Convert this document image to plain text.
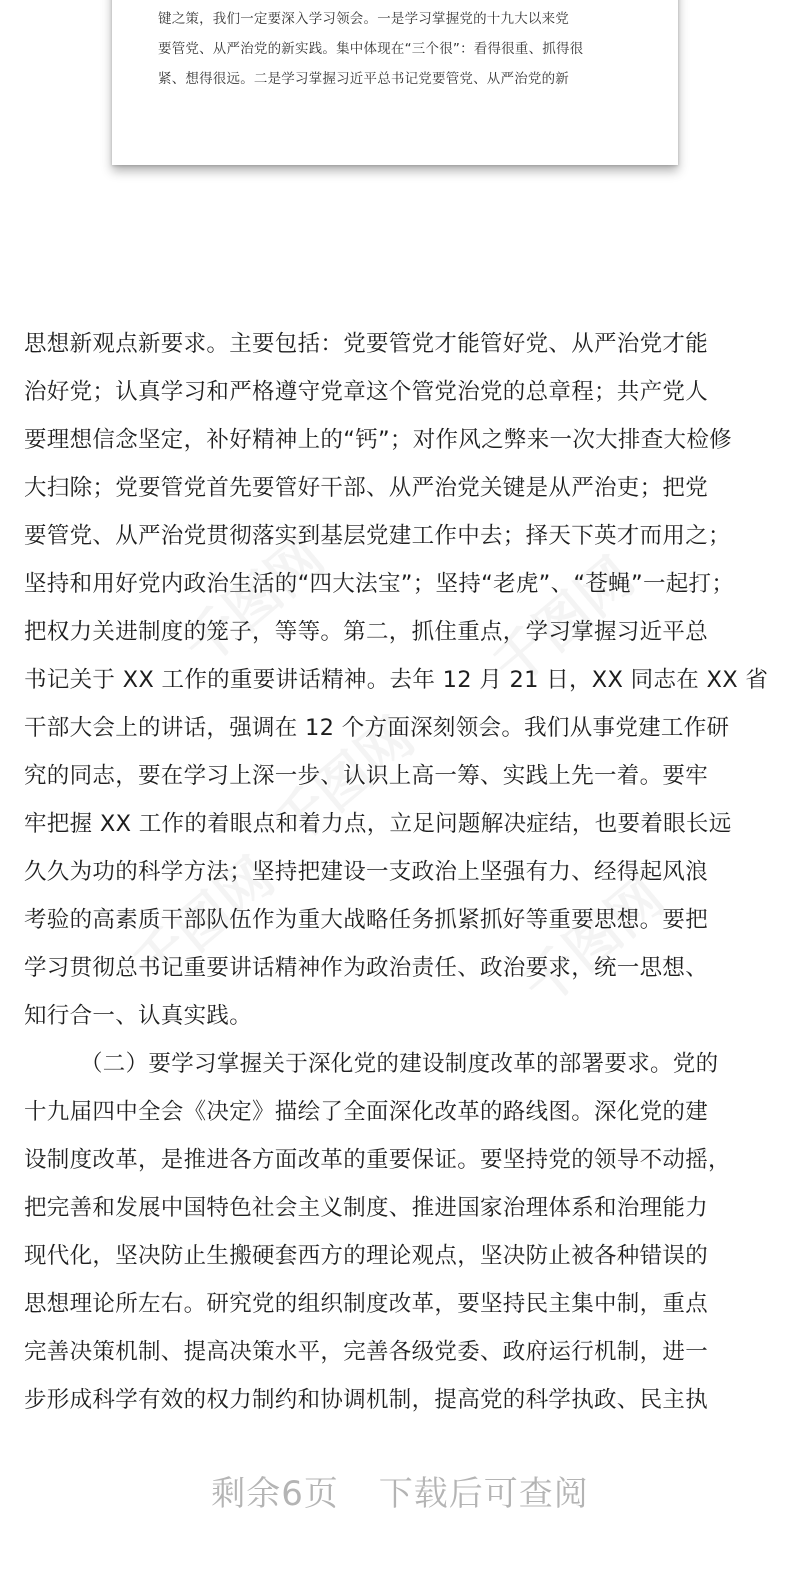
键之策，我们一定要深入学习领会。一是学习掌握党的十九大以来党
要管党、从严治党的新实践。集中体现在“三个很”：看得很重、抓得很
紧、想得很远。二是学习掌握习近平总书记党要管党、从严治党的新
千图网	千图网
千图网
千图网	千图网
思想新观点新要求。主要包括：党要管党才能管好党、从严治党才能
治好党；认真学习和严格遵守党章这个管党治党的总章程；共产党人
要理想信念坚定，补好精神上的“钙”；对作风之弊来一次大排查大检修
大扫除；党要管党首先要管好干部、从严治党关键是从严治吏；把党
要管党、从严治党贯彻落实到基层党建工作中去；择天下英才而用之；
坚持和用好党内政治生活的“四大法宝”；坚持“老虎”、“苍蝇”一起打；
把权力关进制度的笼子，等等。第二，抓住重点，学习掌握习近平总
书记关于 XX 工作的重要讲话精神。去年 12 月 21 日，XX 同志在 XX 省
干部大会上的讲话，强调在 12 个方面深刻领会。我们从事党建工作研
究的同志，要在学习上深一步、认识上高一筹、实践上先一着。要牢
牢把握 XX 工作的着眼点和着力点，立足问题解决症结，也要着眼长远
久久为功的科学方法；坚持把建设一支政治上坚强有力、经得起风浪
考验的高素质干部队伍作为重大战略任务抓紧抓好等重要思想。要把
学习贯彻总书记重要讲话精神作为政治责任、政治要求，统一思想、
知行合一、认真实践。
（二）要学习掌握关于深化党的建设制度改革的部署要求。党的
十九届四中全会《决定》描绘了全面深化改革的路线图。深化党的建
设制度改革，是推进各方面改革的重要保证。要坚持党的领导不动摇，
把完善和发展中国特色社会主义制度、推进国家治理体系和治理能力
现代化，坚决防止生搬硬套西方的理论观点，坚决防止被各种错误的
思想理论所左右。研究党的组织制度改革，要坚持民主集中制，重点
完善决策机制、提高决策水平，完善各级党委、政府运行机制，进一
步形成科学有效的权力制约和协调机制，提高党的科学执政、民主执
剩余6页 下载后可查阅
